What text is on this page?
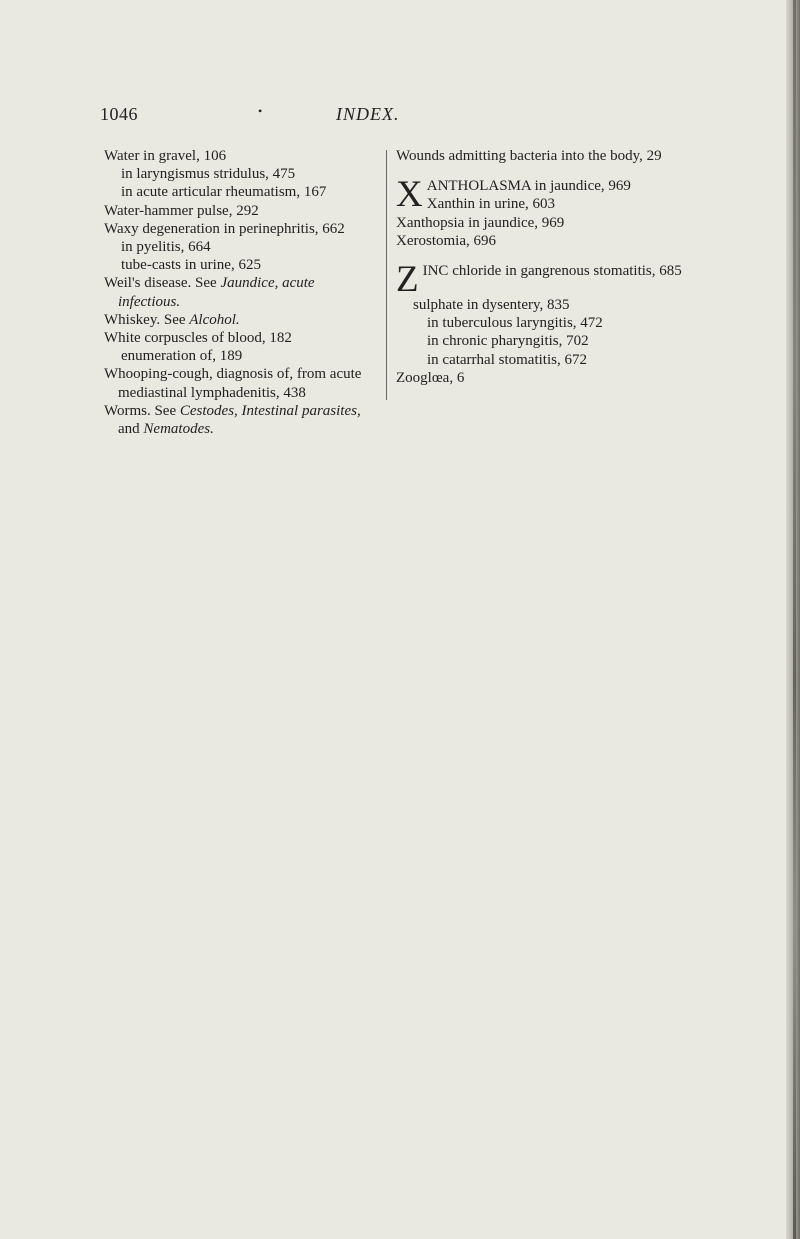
1046	•	INDEX.

Water in gravel, 106

in laryngismus stridulus, 475

in acute articular rheumatism, 167

Water-hammer pulse, 292

Waxy degeneration in perinephritis, 662

in pyelitis, 664

tube-casts in urine, 625

Weil's disease. See Jaundice, acute infectious.

Whiskey. See Alcohol.

White corpuscles of blood, 182

enumeration of, 189

Whooping-cough, diagnosis of, from acute mediastinal lymphadenitis, 438

Worms. See Cestodes, Intestinal parasites, and Nematodes.

Wounds admitting bacteria into the body, 29

X ANTHOLASMA in jaundice, 969

Xanthin in urine, 603

Xanthopsia in jaundice, 969

Xerostomia, 696

Z INC chloride in gangrenous stomatitis, 685

sulphate in dysentery, 835

in tuberculous laryngitis, 472

in chronic pharyngitis, 702

in catarrhal stomatitis, 672

Zooglœa, 6
